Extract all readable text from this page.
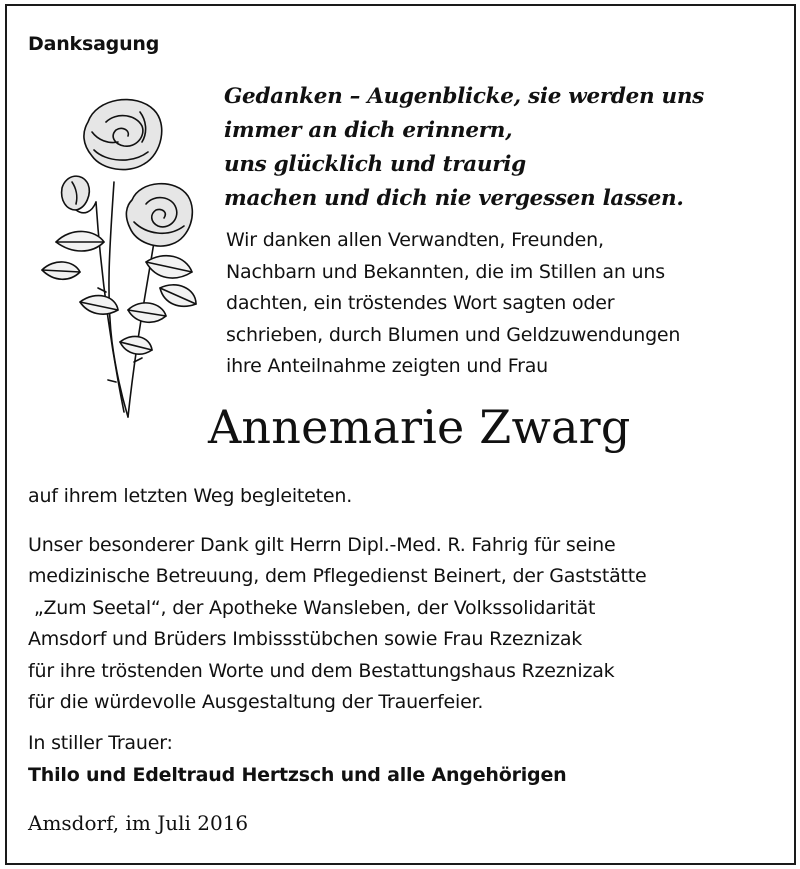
Danksagung
Gedanken – Augenblicke, sie werden uns
immer an dich erinnern,
uns glücklich und traurig
machen und dich nie vergessen lassen.
Wir danken allen Verwandten, Freunden,
Nachbarn und Bekannten, die im Stillen an uns
dachten, ein tröstendes Wort sagten oder
schrieben, durch Blumen und Geldzuwendungen
ihre Anteilnahme zeigten und Frau
Annemarie Zwarg
auf ihrem letzten Weg begleiteten.
Unser besonderer Dank gilt Herrn Dipl.-Med. R. Fahrig für seine
medizinische Betreuung, dem Pflegedienst Beinert, der Gaststätte
„Zum Seetal“, der Apotheke Wansleben, der Volkssolidarität
Amsdorf und Brüders Imbissstübchen sowie Frau Rzeznizak
für ihre tröstenden Worte und dem Bestattungshaus Rzeznizak
für die würdevolle Ausgestaltung der Trauerfeier.
In stiller Trauer:
Thilo und Edeltraud Hertzsch und alle Angehörigen
Amsdorf, im Juli 2016
